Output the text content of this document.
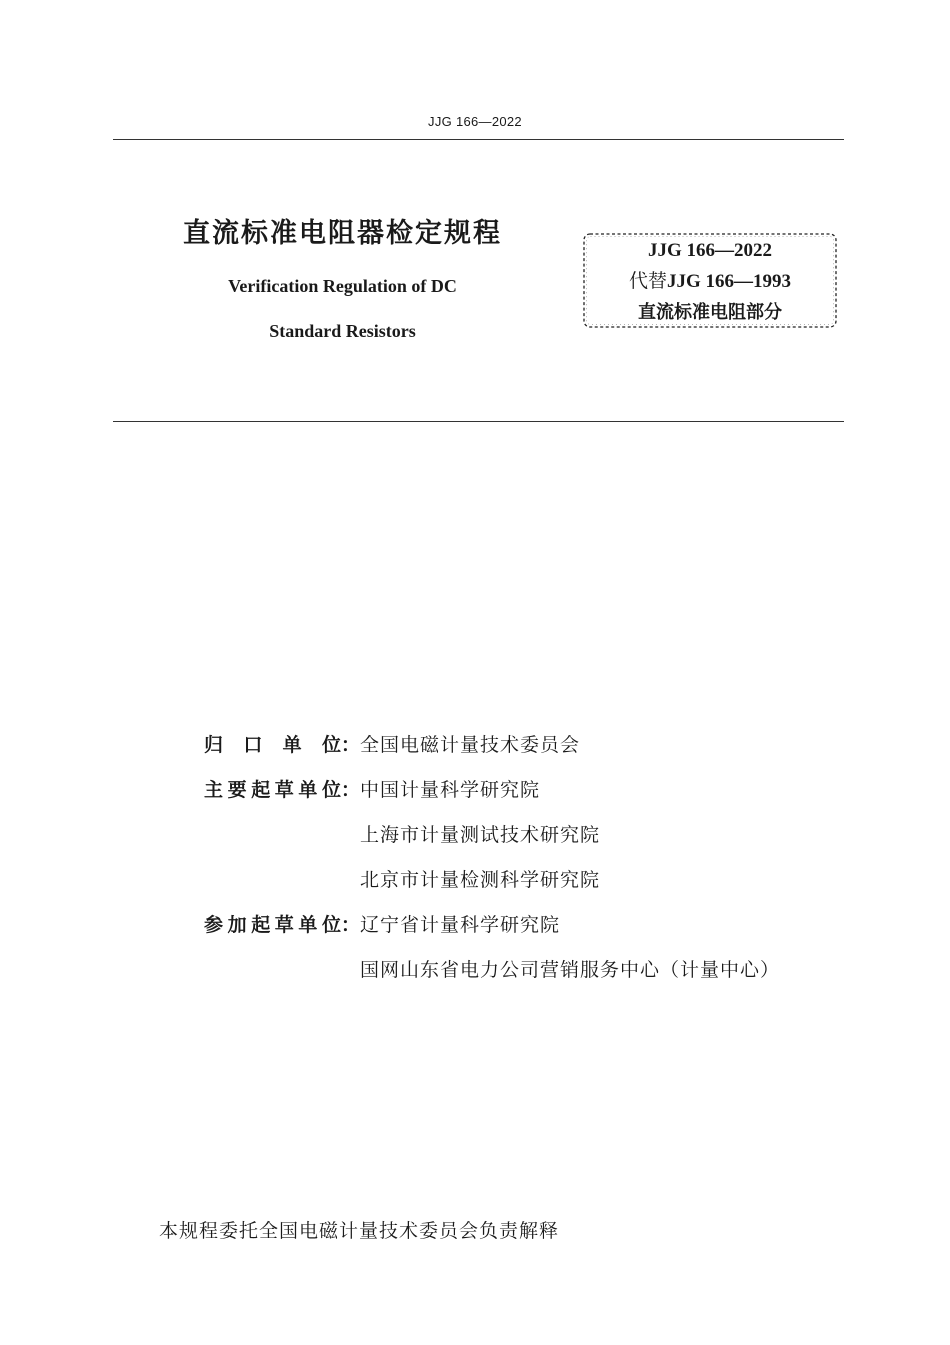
JJG 166—2022
直流标准电阻器检定规程
Verification Regulation of DC
Standard Resistors
JJG 166—2022
代替JJG 166—1993
直流标准电阻部分
归 口 单 位 ： 全国电磁计量技术委员会
主 要 起 草 单 位 ： 中国计量科学研究院
上海市计量测试技术研究院
北京市计量检测科学研究院
参 加 起 草 单 位 ： 辽宁省计量科学研究院
国网山东省电力公司营销服务中心（计量中心）
本规程委托全国电磁计量技术委员会负责解释
